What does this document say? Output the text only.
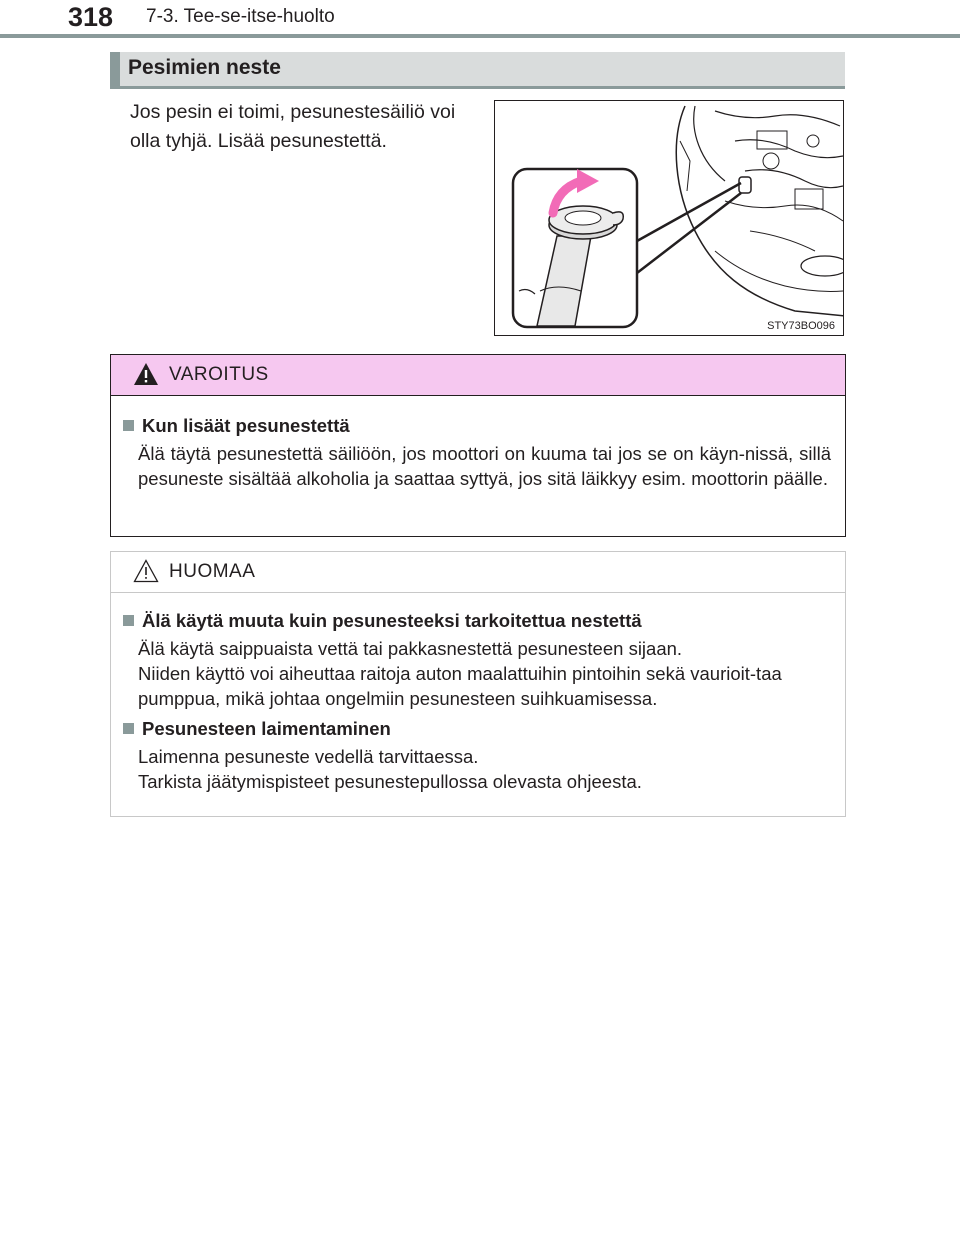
318 7-3. Tee-se-itse-huolto
Pesimien neste
Jos pesin ei toimi, pesunestesäiliö voi olla tyhjä. Lisää pesunestettä.
STY73BO096
VAROITUS
Kun lisäät pesunestettä
Älä täytä pesunestettä säiliöön, jos moottori on kuuma tai jos se on käyn-nissä, sillä pesuneste sisältää alkoholia ja saattaa syttyä, jos sitä läikkyy esim. moottorin päälle.
HUOMAA
Älä käytä muuta kuin pesunesteeksi tarkoitettua nestettä
Älä käytä saippuaista vettä tai pakkasnestettä pesunesteen sijaan.
Niiden käyttö voi aiheuttaa raitoja auton maalattuihin pintoihin sekä vaurioit-taa pumppua, mikä johtaa ongelmiin pesunesteen suihkuamisessa.
Pesunesteen laimentaminen
Laimenna pesuneste vedellä tarvittaessa.
Tarkista jäätymispisteet pesunestepullossa olevasta ohjeesta.
